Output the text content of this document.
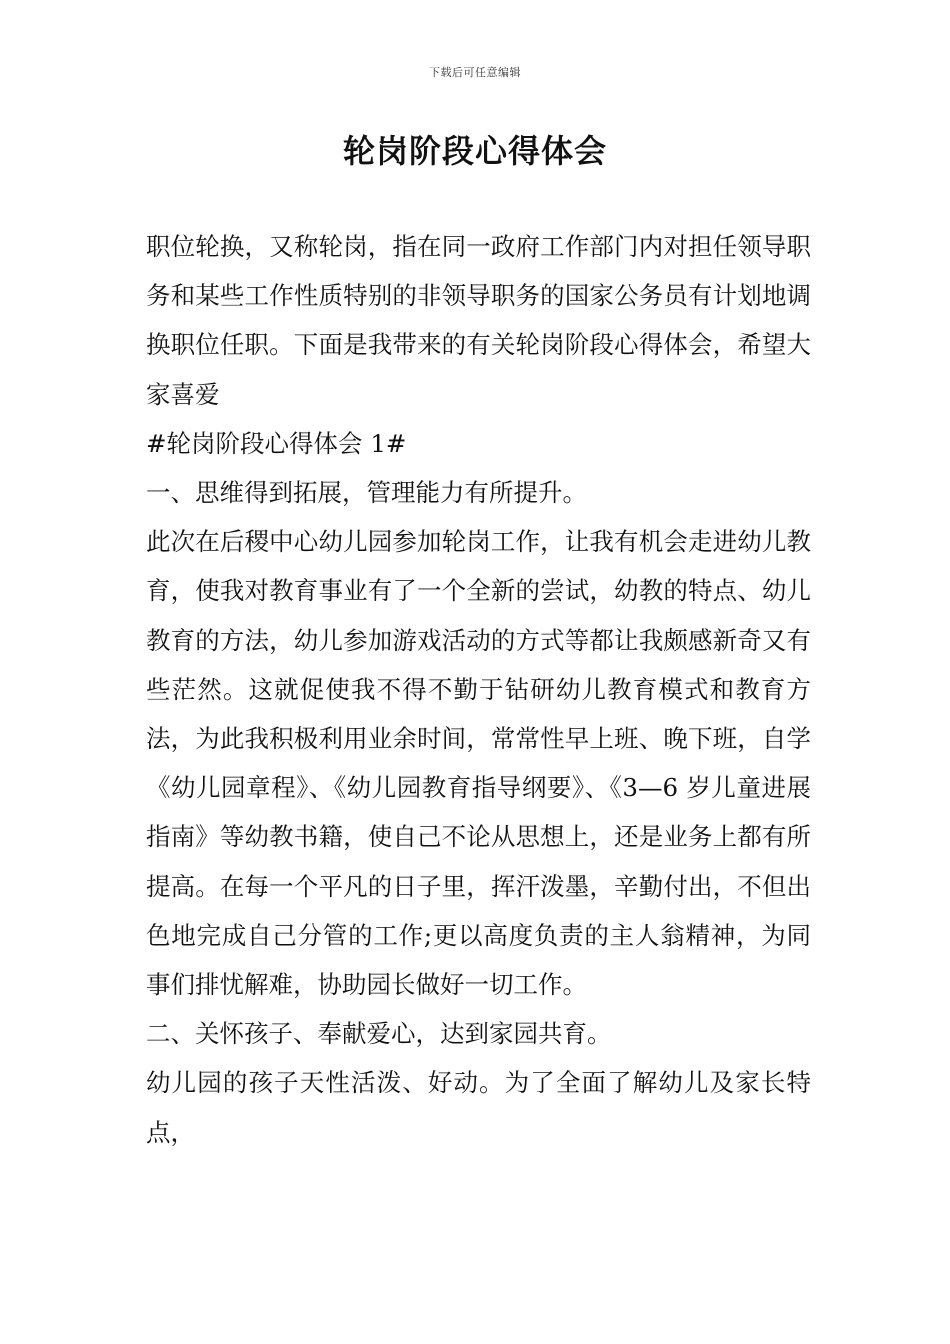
下载后可任意编辑
轮岗阶段心得体会

职位轮换，又称轮岗，指在同一政府工作部门内对担任领导职务和某些工作性质特别的非领导职务的国家公务员有计划地调换职位任职。下面是我带来的有关轮岗阶段心得体会，希望大家喜爱

#轮岗阶段心得体会 1#

一、思维得到拓展，管理能力有所提升。

此次在后稷中心幼儿园参加轮岗工作，让我有机会走进幼儿教育，使我对教育事业有了一个全新的尝试，幼教的特点、幼儿教育的方法，幼儿参加游戏活动的方式等都让我颇感新奇又有些茫然。这就促使我不得不勤于钻研幼儿教育模式和教育方法，为此我积极利用业余时间，常常性早上班、晚下班，自学《幼儿园章程》、《幼儿园教育指导纲要》、《3—6 岁儿童进展指南》等幼教书籍，使自己不论从思想上，还是业务上都有所提高。在每一个平凡的日子里，挥汗泼墨，辛勤付出，不但出色地完成自己分管的工作;更以高度负责的主人翁精神，为同事们排忧解难，协助园长做好一切工作。

二、关怀孩子、奉献爱心，达到家园共育。

幼儿园的孩子天性活泼、好动。为了全面了解幼儿及家长特点，
